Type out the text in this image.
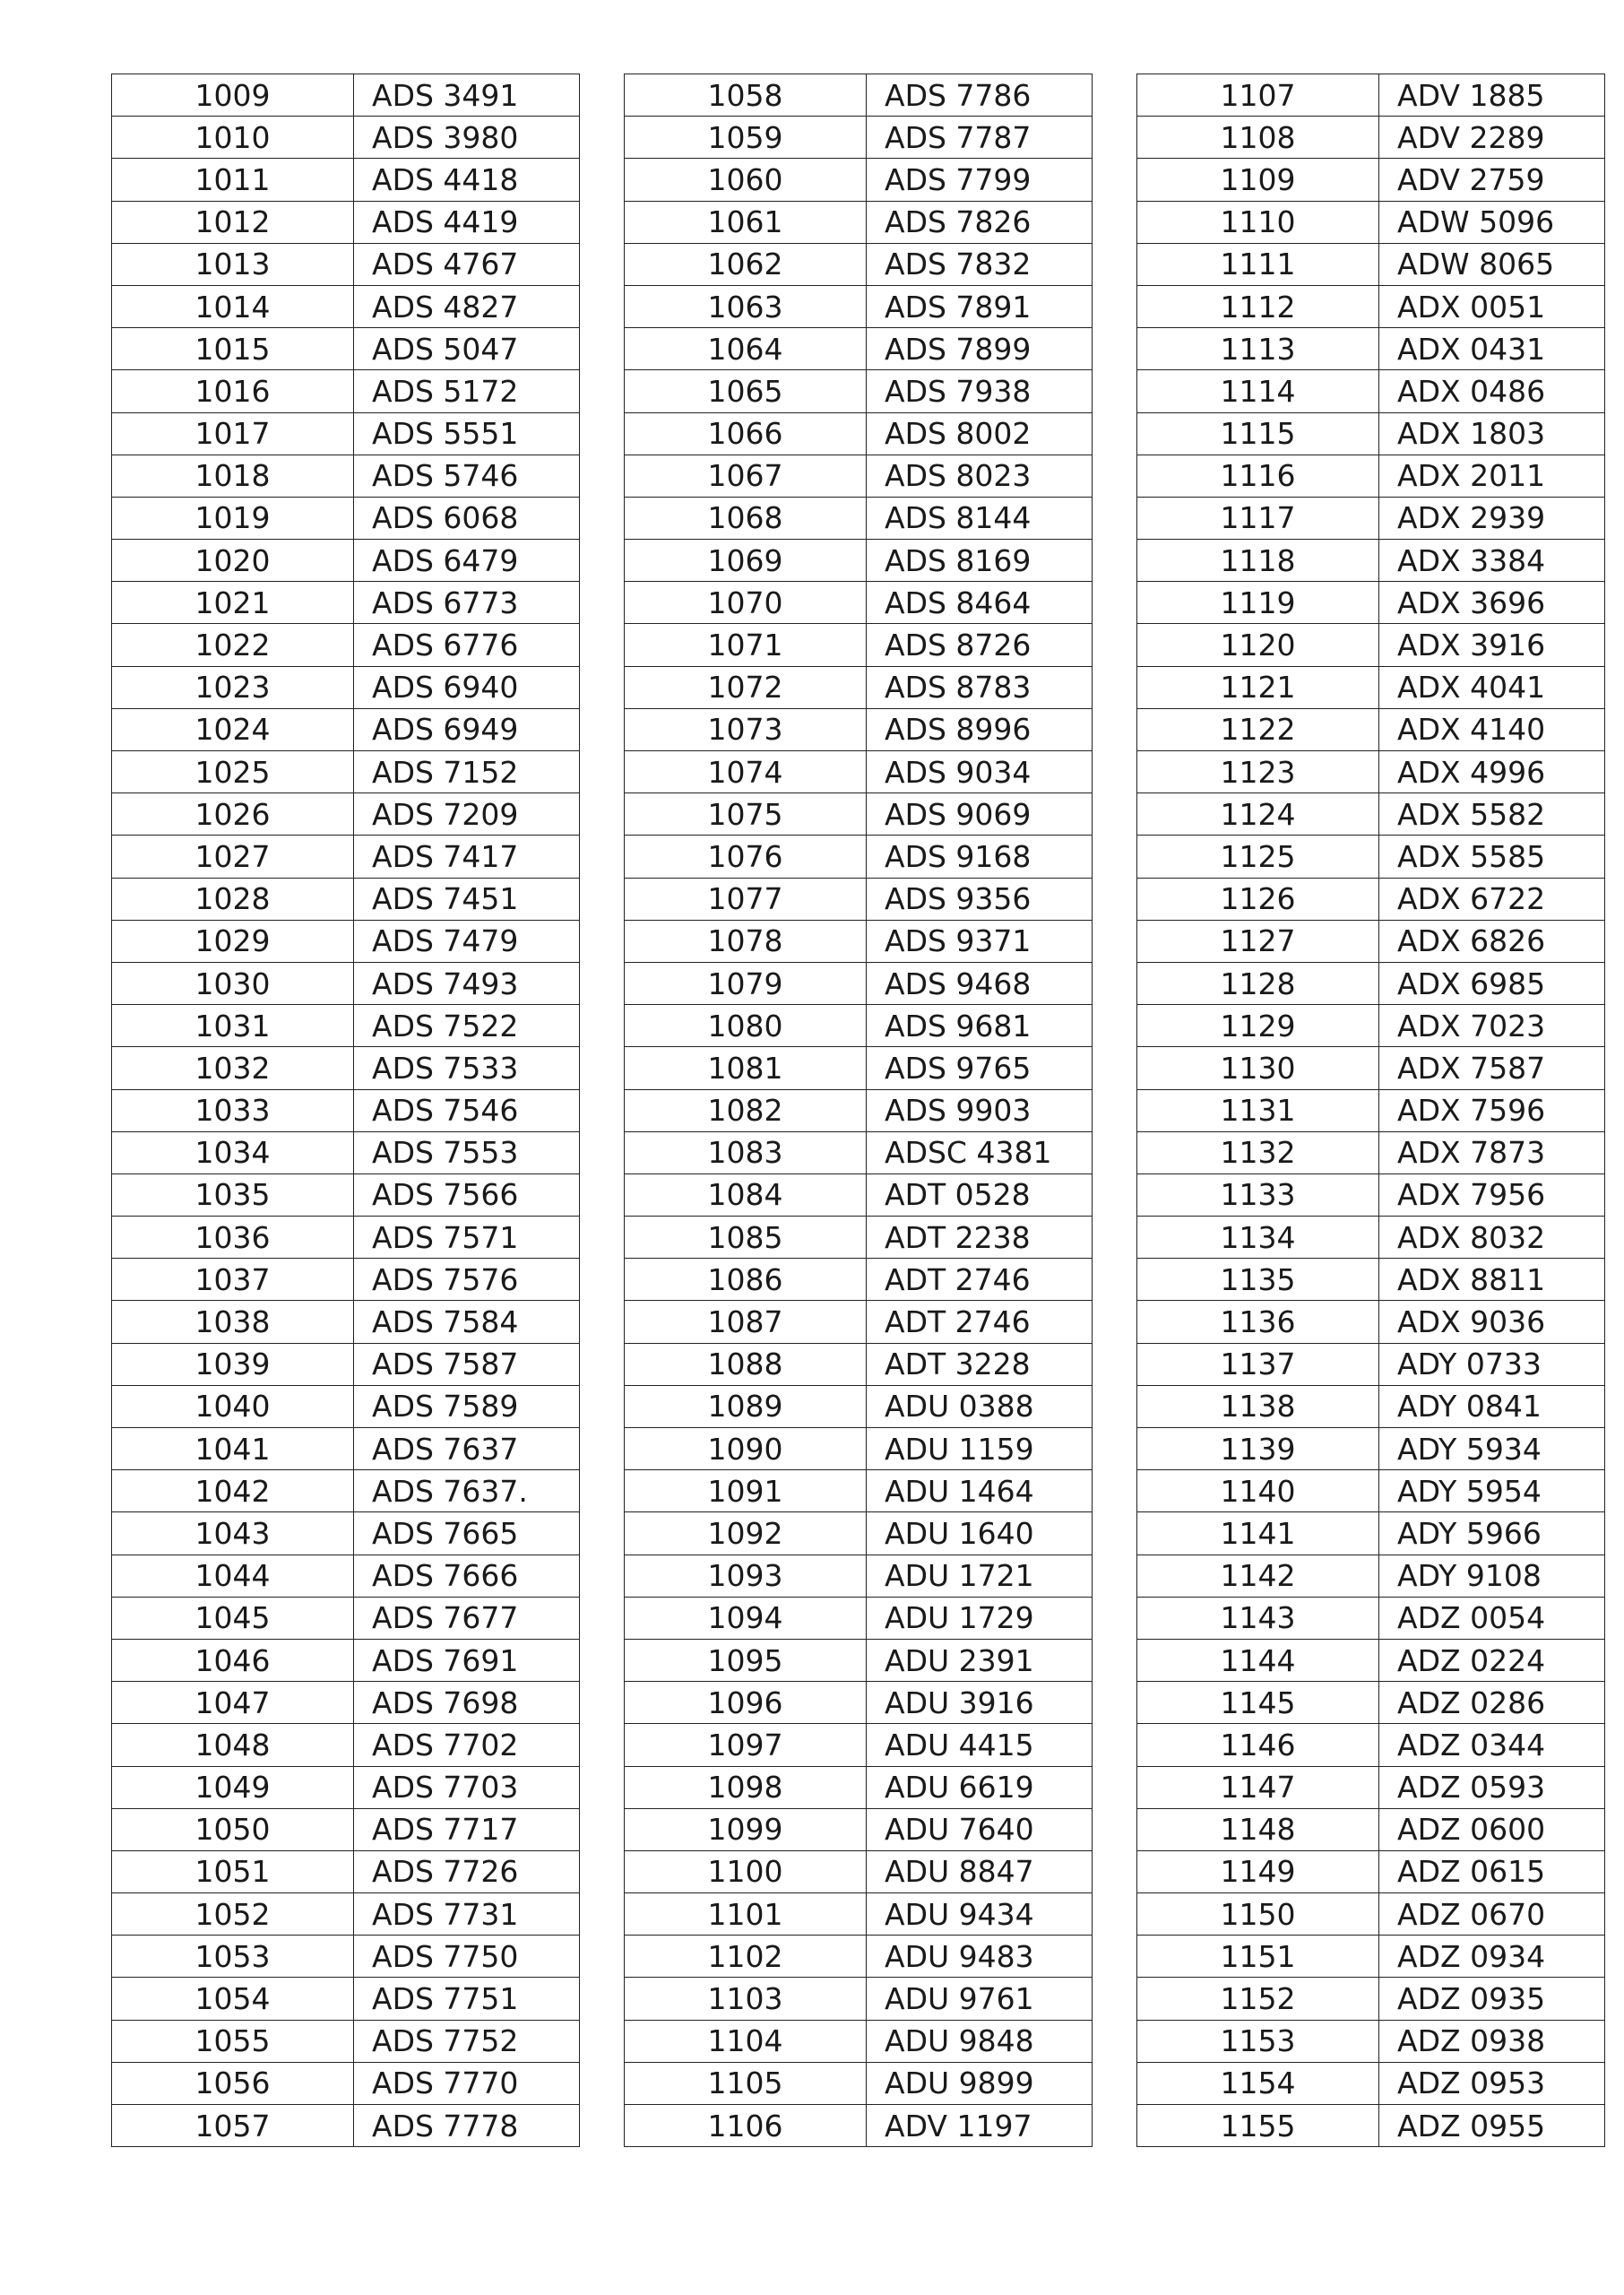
1009	ADS 3491
1010	ADS 3980
1011	ADS 4418
1012	ADS 4419
1013	ADS 4767
1014	ADS 4827
1015	ADS 5047
1016	ADS 5172
1017	ADS 5551
1018	ADS 5746
1019	ADS 6068
1020	ADS 6479
1021	ADS 6773
1022	ADS 6776
1023	ADS 6940
1024	ADS 6949
1025	ADS 7152
1026	ADS 7209
1027	ADS 7417
1028	ADS 7451
1029	ADS 7479
1030	ADS 7493
1031	ADS 7522
1032	ADS 7533
1033	ADS 7546
1034	ADS 7553
1035	ADS 7566
1036	ADS 7571
1037	ADS 7576
1038	ADS 7584
1039	ADS 7587
1040	ADS 7589
1041	ADS 7637
1042	ADS 7637.
1043	ADS 7665
1044	ADS 7666
1045	ADS 7677
1046	ADS 7691
1047	ADS 7698
1048	ADS 7702
1049	ADS 7703
1050	ADS 7717
1051	ADS 7726
1052	ADS 7731
1053	ADS 7750
1054	ADS 7751
1055	ADS 7752
1056	ADS 7770
1057	ADS 7778
1058	ADS 7786
1059	ADS 7787
1060	ADS 7799
1061	ADS 7826
1062	ADS 7832
1063	ADS 7891
1064	ADS 7899
1065	ADS 7938
1066	ADS 8002
1067	ADS 8023
1068	ADS 8144
1069	ADS 8169
1070	ADS 8464
1071	ADS 8726
1072	ADS 8783
1073	ADS 8996
1074	ADS 9034
1075	ADS 9069
1076	ADS 9168
1077	ADS 9356
1078	ADS 9371
1079	ADS 9468
1080	ADS 9681
1081	ADS 9765
1082	ADS 9903
1083	ADSC 4381
1084	ADT 0528
1085	ADT 2238
1086	ADT 2746
1087	ADT 2746
1088	ADT 3228
1089	ADU 0388
1090	ADU 1159
1091	ADU 1464
1092	ADU 1640
1093	ADU 1721
1094	ADU 1729
1095	ADU 2391
1096	ADU 3916
1097	ADU 4415
1098	ADU 6619
1099	ADU 7640
1100	ADU 8847
1101	ADU 9434
1102	ADU 9483
1103	ADU 9761
1104	ADU 9848
1105	ADU 9899
1106	ADV 1197
1107	ADV 1885
1108	ADV 2289
1109	ADV 2759
1110	ADW 5096
1111	ADW 8065
1112	ADX 0051
1113	ADX 0431
1114	ADX 0486
1115	ADX 1803
1116	ADX 2011
1117	ADX 2939
1118	ADX 3384
1119	ADX 3696
1120	ADX 3916
1121	ADX 4041
1122	ADX 4140
1123	ADX 4996
1124	ADX 5582
1125	ADX 5585
1126	ADX 6722
1127	ADX 6826
1128	ADX 6985
1129	ADX 7023
1130	ADX 7587
1131	ADX 7596
1132	ADX 7873
1133	ADX 7956
1134	ADX 8032
1135	ADX 8811
1136	ADX 9036
1137	ADY 0733
1138	ADY 0841
1139	ADY 5934
1140	ADY 5954
1141	ADY 5966
1142	ADY 9108
1143	ADZ 0054
1144	ADZ 0224
1145	ADZ 0286
1146	ADZ 0344
1147	ADZ 0593
1148	ADZ 0600
1149	ADZ 0615
1150	ADZ 0670
1151	ADZ 0934
1152	ADZ 0935
1153	ADZ 0938
1154	ADZ 0953
1155	ADZ 0955
